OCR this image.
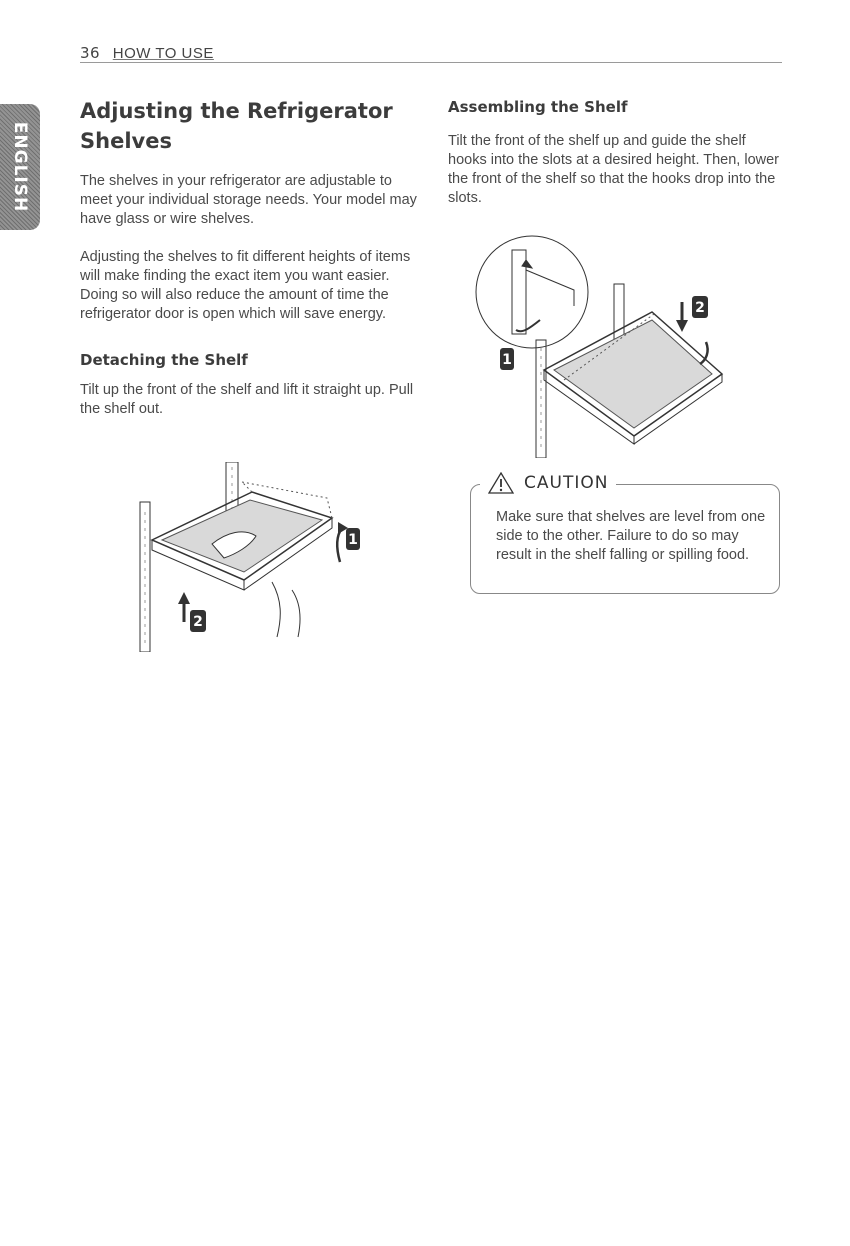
36 HOW TO USE
ENGLISH
Adjusting the Refrigerator Shelves

The shelves in your refrigerator are adjustable to meet your individual storage needs. Your model may have glass or wire shelves.

Adjusting the shelves to fit different heights of items will make finding the exact item you want easier. Doing so will also reduce the amount of time the refrigerator door is open which will save energy.

Detaching the Shelf

Tilt up the front of the shelf and lift it straight up. Pull the shelf out.

1
2
Assembling the Shelf

Tilt the front of the shelf up and guide the shelf hooks into the slots at a desired height. Then, lower the front of the shelf so that the hooks drop into the slots.

1
2
CAUTION

Make sure that shelves are level from one side to the other. Failure to do so may result in the shelf falling or spilling food.
